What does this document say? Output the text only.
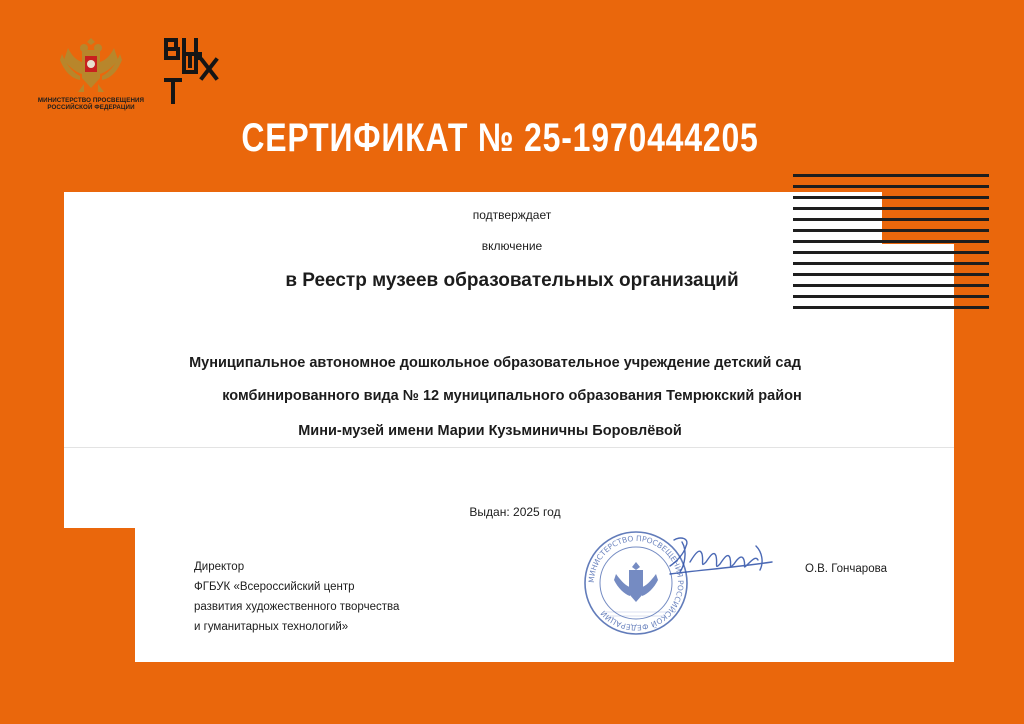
МИНИСТЕРСТВО ПРОСВЕЩЕНИЯ
РОССИЙСКОЙ ФЕДЕРАЦИИ
СЕРТИФИКАТ № 25-1970444205
подтверждает
включение
в Реестр музеев образовательных организаций
Муниципальное автономное дошкольное образовательное учреждение детский сад
комбинированного вида № 12 муниципального образования Темрюкский район
Мини-музей имени Марии Кузьминичны Боровлёвой
Выдан: 2025 год
Директор
ФГБУК «Всероссийский центр
развития художественного творчества
и гуманитарных технологий»
МИНИСТЕРСТВО ПРОСВЕЩЕНИЯ РОССИЙСКОЙ ФЕДЕРАЦИИ
О.В. Гончарова
